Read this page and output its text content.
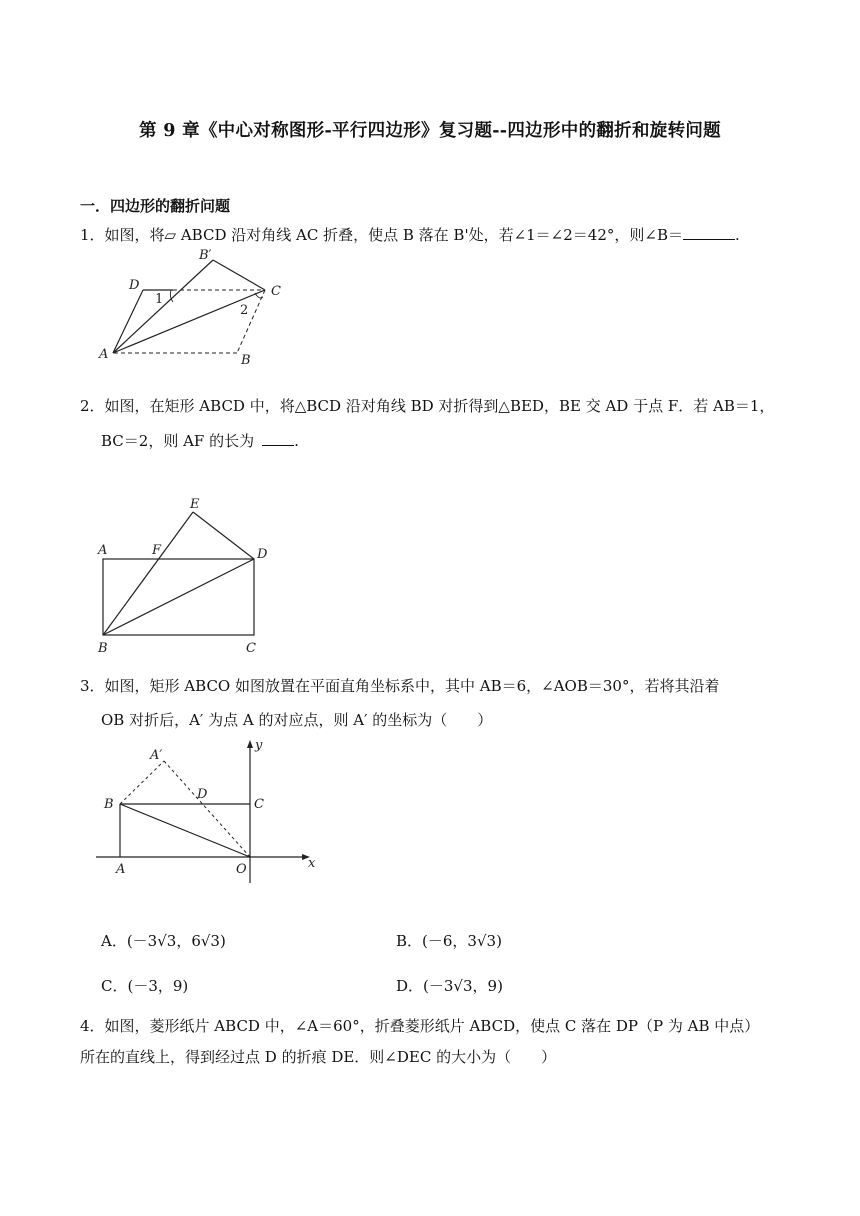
第 9 章《中心对称图形-平行四边形》复习题--四边形中的翻折和旋转问题
一．四边形的翻折问题
1．如图，将▱ ABCD 沿对角线 AC 折叠，使点 B 落在 B'处，若∠1＝∠2＝42°，则∠B＝	.
A	B
C
D
B′
1
2
2．如图，在矩形 ABCD 中，将△BCD 沿对角线 BD 对折得到△BED，BE 交 AD 于点 F．若 AB＝1，
BC＝2，则 AF 的长为	.
A
B	C
D
E
F
3．如图，矩形 ABCO 如图放置在平面直角坐标系中，其中 AB＝6，∠AOB＝30°，若将其沿着
OB 对折后，A′ 为点 A 的对应点，则 A′ 的坐标为（　　）
A
B	C
D
O
A′
x
y
A．(－3√3，6√3)	B．(－6，3√3)
C．(－3，9)	D．(－3√3，9)
4．如图，菱形纸片 ABCD 中，∠A＝60°，折叠菱形纸片 ABCD，使点 C 落在 DP（P 为 AB 中点）
所在的直线上，得到经过点 D 的折痕 DE．则∠DEC 的大小为（　　）
